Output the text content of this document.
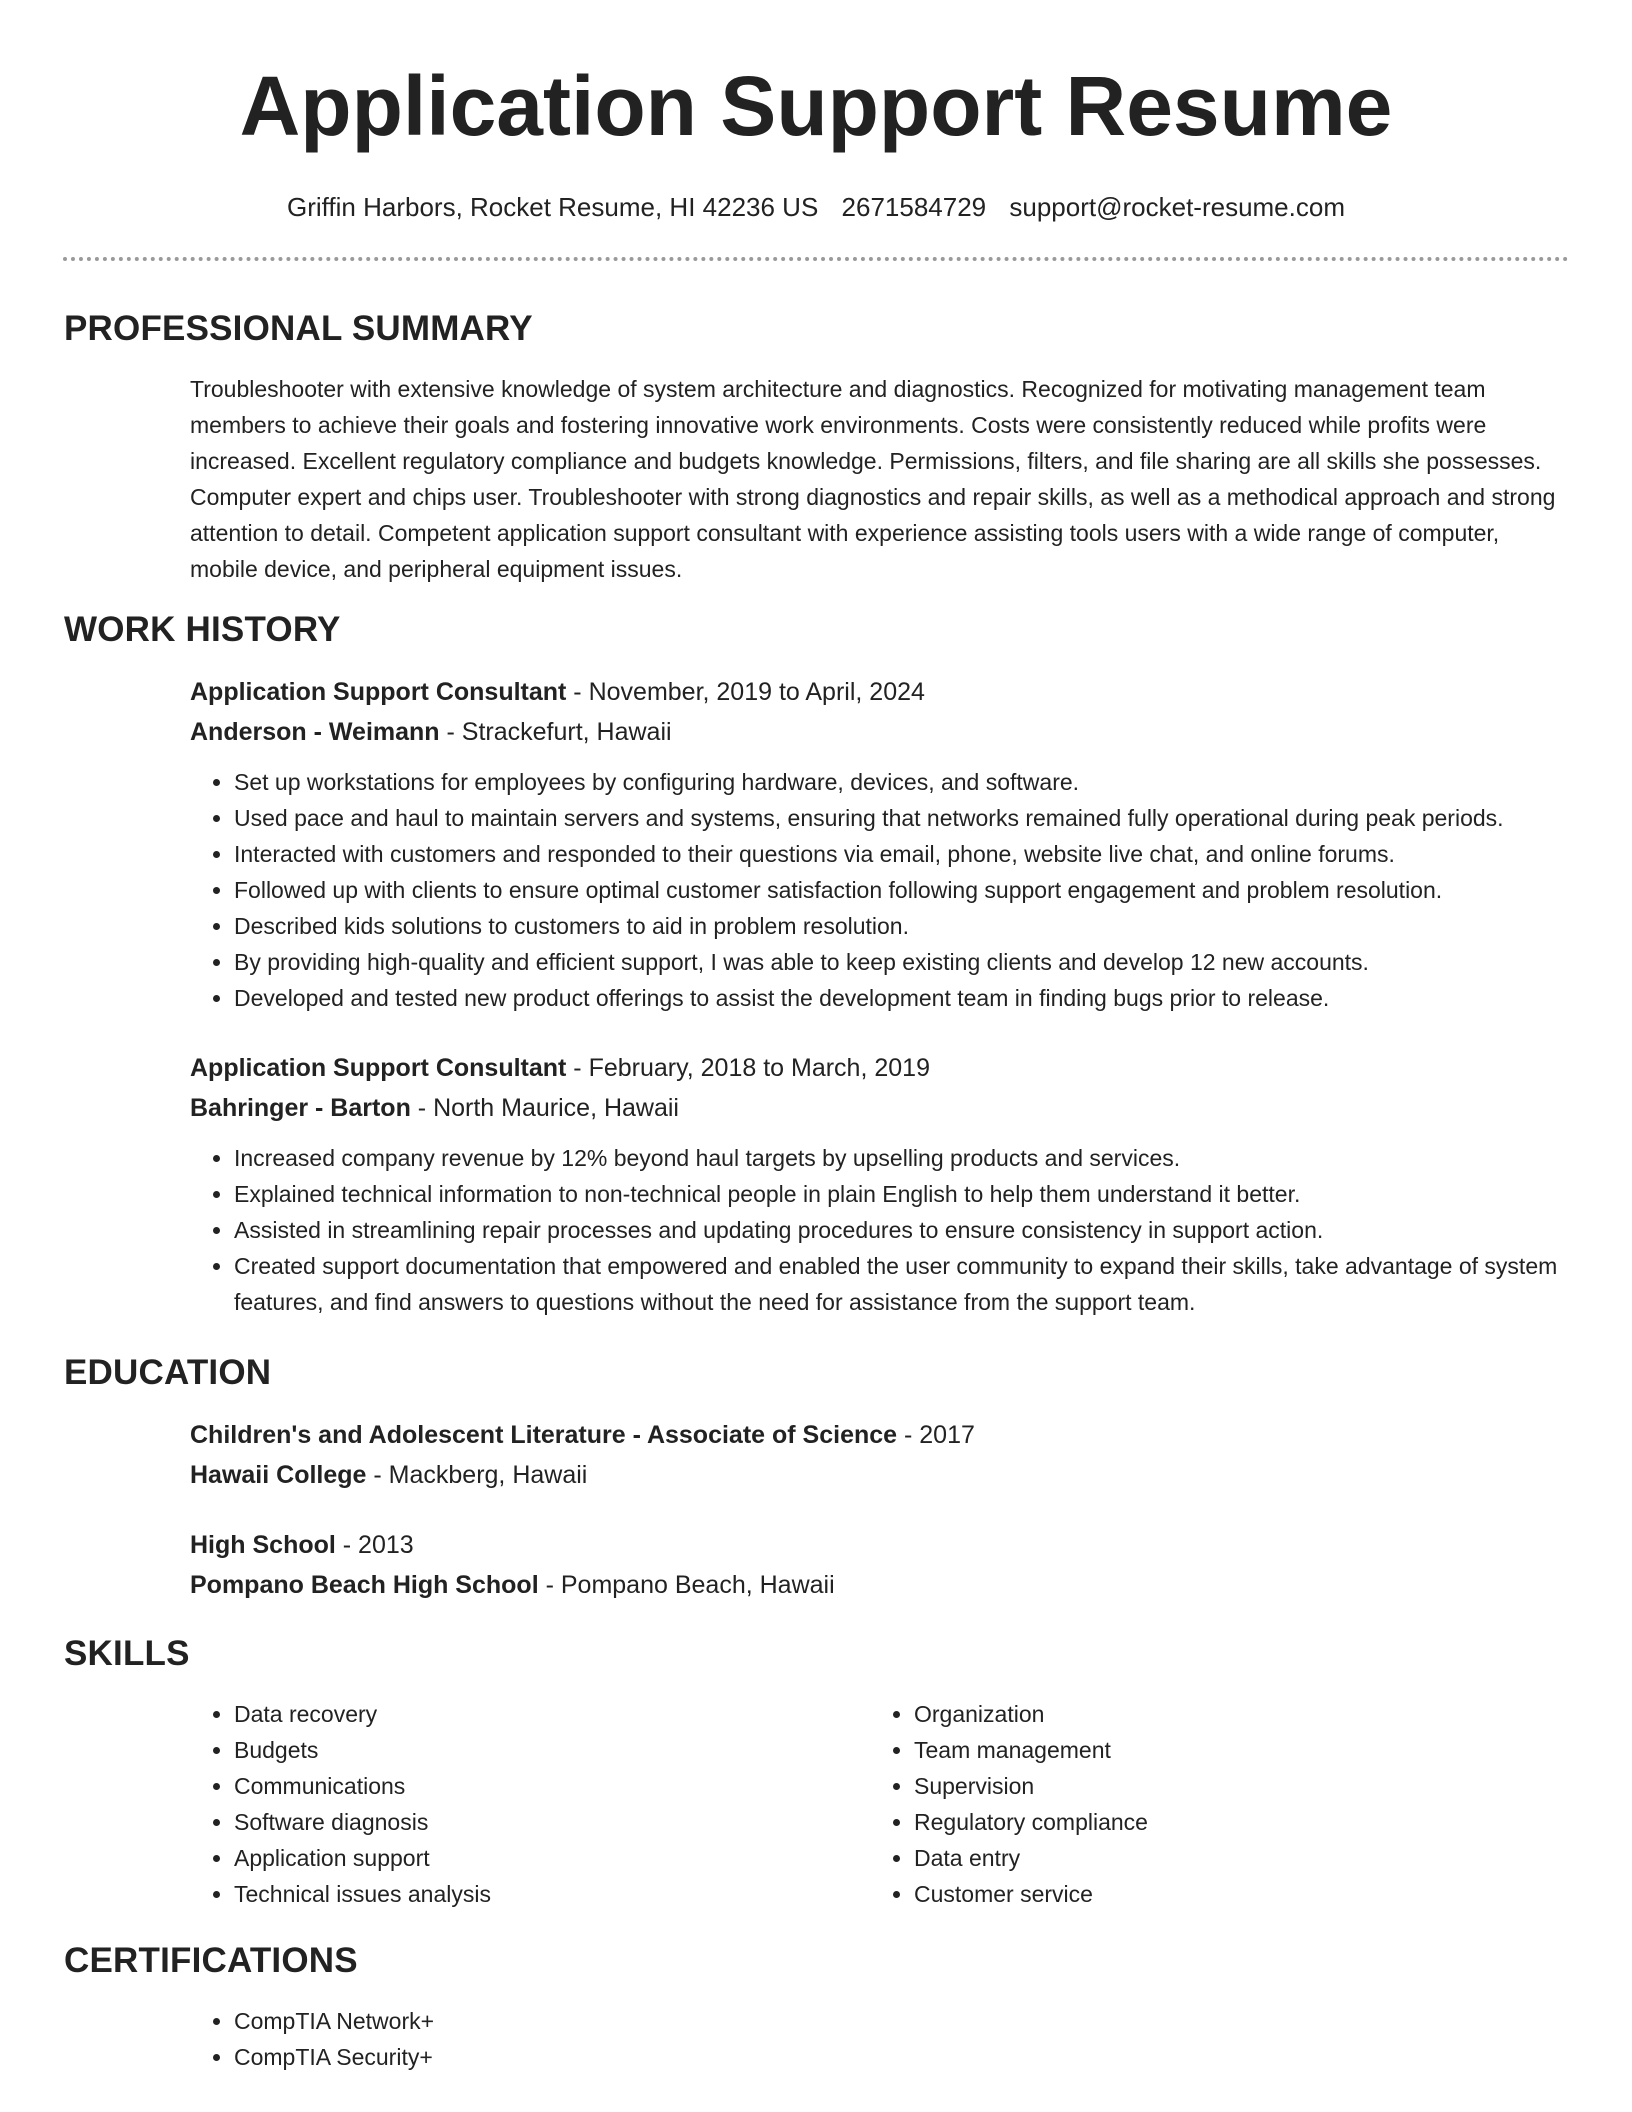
Application Support Resume
Griffin Harbors, Rocket Resume, HI 42236 US 2671584729 support@rocket-resume.com
PROFESSIONAL SUMMARY

Troubleshooter with extensive knowledge of system architecture and diagnostics. Recognized for motivating management team members to achieve their goals and fostering innovative work environments. Costs were consistently reduced while profits were increased. Excellent regulatory compliance and budgets knowledge. Permissions, filters, and file sharing are all skills she possesses. Computer expert and chips user. Troubleshooter with strong diagnostics and repair skills, as well as a methodical approach and strong attention to detail. Competent application support consultant with experience assisting tools users with a wide range of computer, mobile device, and peripheral equipment issues.

WORK HISTORY
Application Support Consultant - November, 2019 to April, 2024
Anderson - Weimann - Strackefurt, Hawaii
• Set up workstations for employees by configuring hardware, devices, and software.
• Used pace and haul to maintain servers and systems, ensuring that networks remained fully operational during peak periods.
• Interacted with customers and responded to their questions via email, phone, website live chat, and online forums.
• Followed up with clients to ensure optimal customer satisfaction following support engagement and problem resolution.
• Described kids solutions to customers to aid in problem resolution.
• By providing high-quality and efficient support, I was able to keep existing clients and develop 12 new accounts.
• Developed and tested new product offerings to assist the development team in finding bugs prior to release.
Application Support Consultant - February, 2018 to March, 2019
Bahringer - Barton - North Maurice, Hawaii
• Increased company revenue by 12% beyond haul targets by upselling products and services.
• Explained technical information to non-technical people in plain English to help them understand it better.
• Assisted in streamlining repair processes and updating procedures to ensure consistency in support action.
• Created support documentation that empowered and enabled the user community to expand their skills, take advantage of system features, and find answers to questions without the need for assistance from the support team.
EDUCATION
Children's and Adolescent Literature - Associate of Science - 2017
Hawaii College - Mackberg, Hawaii
High School - 2013
Pompano Beach High School - Pompano Beach, Hawaii
SKILLS
• Data recovery
• Budgets
• Communications
• Software diagnosis
• Application support
• Technical issues analysis
• Organization
• Team management
• Supervision
• Regulatory compliance
• Data entry
• Customer service
CERTIFICATIONS
• CompTIA Network+
• CompTIA Security+
